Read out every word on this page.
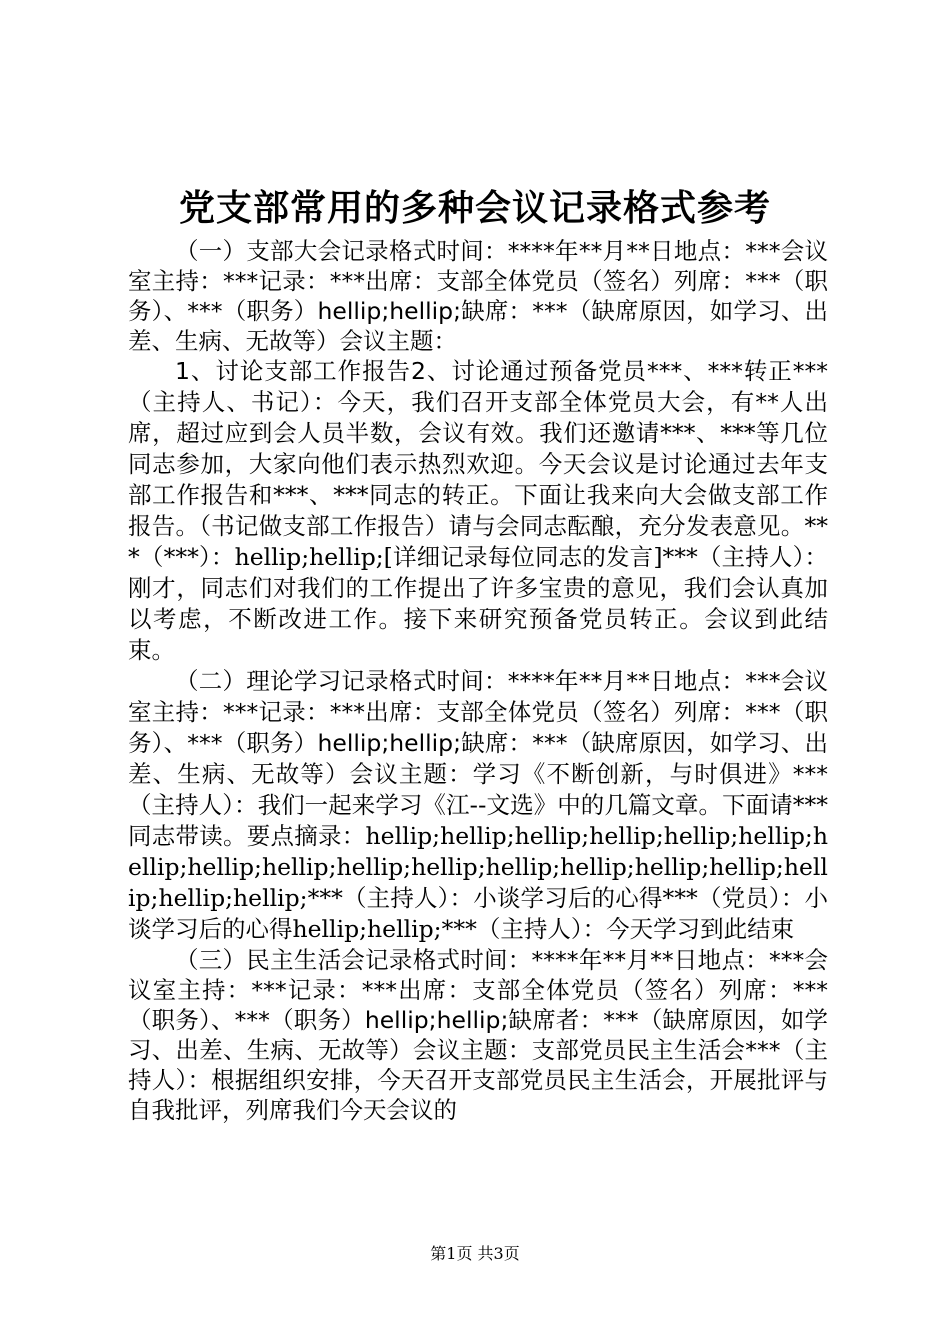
党支部常用的多种会议记录格式参考

（一）支部大会记录格式时间：****年**月**日地点：***会议室主持：***记录：***出席：支部全体党员（签名）列席：***（职务）、***（职务）hellip;hellip;缺席：***（缺席原因，如学习、出差、生病、无故等）会议主题：

1、讨论支部工作报告2、讨论通过预备党员***、***转正***（主持人、书记）：今天，我们召开支部全体党员大会，有**人出席，超过应到会人员半数，会议有效。我们还邀请***、***等几位同志参加，大家向他们表示热烈欢迎。今天会议是讨论通过去年支部工作报告和***、***同志的转正。下面让我来向大会做支部工作报告。（书记做支部工作报告）请与会同志酝酿，充分发表意见。***（***）：hellip;hellip;[详细记录每位同志的发言]***（主持人）：刚才，同志们对我们的工作提出了许多宝贵的意见，我们会认真加以考虑，不断改进工作。接下来研究预备党员转正。会议到此结束。

（二）理论学习记录格式时间：****年**月**日地点：***会议室主持：***记录：***出席：支部全体党员（签名）列席：***（职务）、***（职务）hellip;hellip;缺席：***（缺席原因，如学习、出差、生病、无故等）会议主题：学习《不断创新，与时俱进》***（主持人）：我们一起来学习《江--文选》中的几篇文章。下面请***同志带读。要点摘录：hellip;hellip;hellip;hellip;hellip;hellip;hellip;hellip;hellip;hellip;hellip;hellip;hellip;hellip;hellip;hellip;hellip;hellip;***（主持人）：小谈学习后的心得***（党员）：小谈学习后的心得hellip;hellip;***（主持人）：今天学习到此结束

（三）民主生活会记录格式时间：****年**月**日地点：***会议室主持：***记录：***出席：支部全体党员（签名）列席：***（职务）、***（职务）hellip;hellip;缺席者：***（缺席原因，如学习、出差、生病、无故等）会议主题：支部党员民主生活会***（主持人）：根据组织安排，今天召开支部党员民主生活会，开展批评与自我批评，列席我们今天会议的

第1页 共3页
